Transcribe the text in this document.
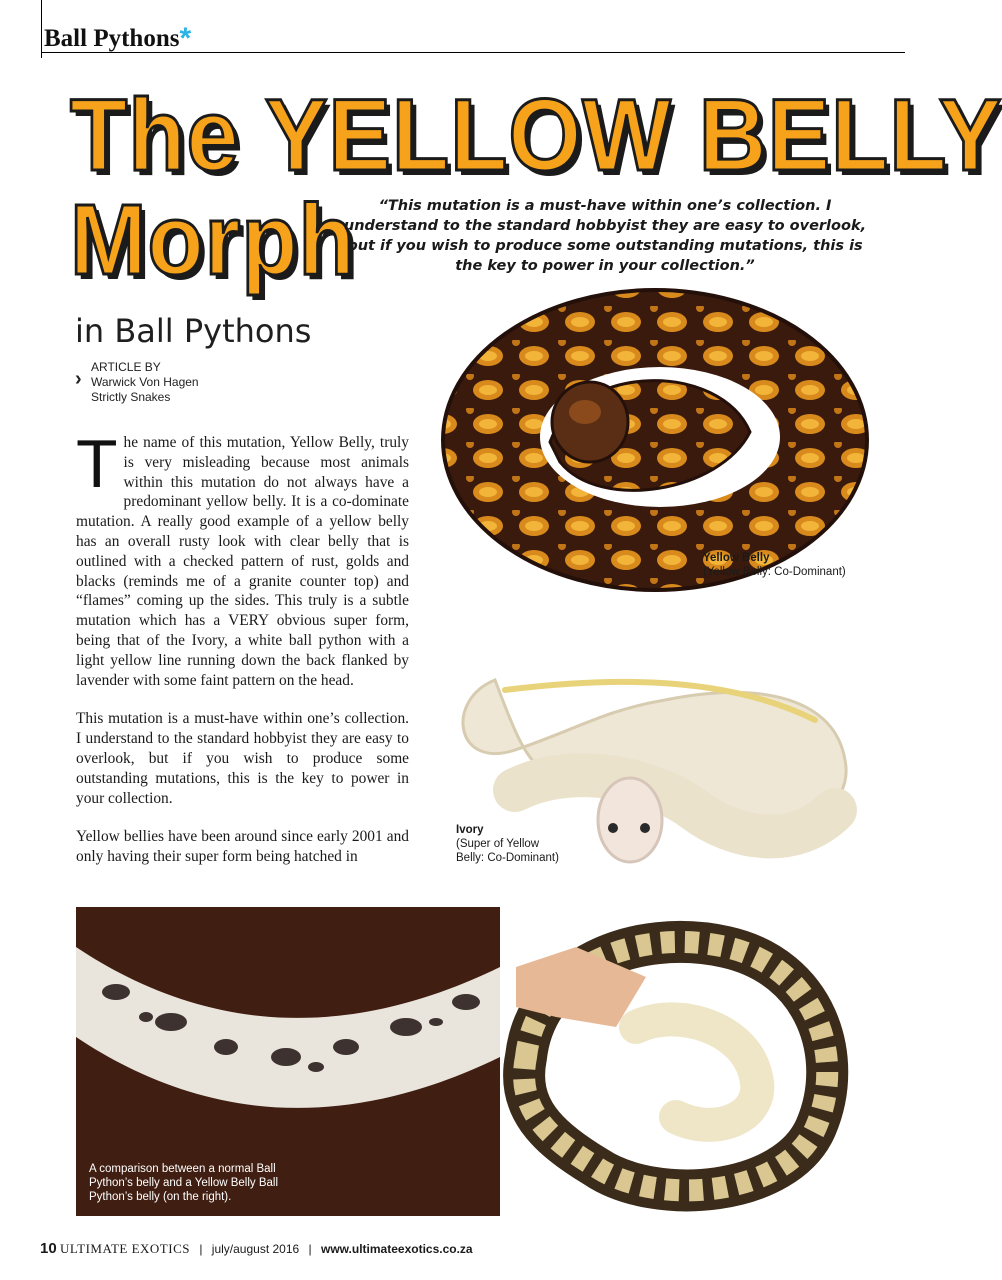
Ball Pythons*
The YELLOW BELLY
Morph	“This mutation is a must-have within one’s collection. I understand to the standard hobbyist they are easy to overlook, but if you wish to produce some outstanding mutations, this is the key to power in your collection.”
in Ball Pythons
›
ARTICLE BY
Warwick Von Hagen
Strictly Snakes

The name of this mutation, Yellow Belly, truly is very misleading because most animals within this mutation do not always have a predominant yellow belly. It is a co-dominate mutation. A really good example of a yellow belly has an overall rusty look with clear belly that is outlined with a checked pattern of rust, golds and blacks (reminds me of a granite counter top) and “flames” coming up the sides. This truly is a subtle mutation which has a VERY obvious super form, being that of the Ivory, a white ball python with a light yellow line running down the back flanked by lavender with some faint pattern on the head.

This mutation is a must-have within one’s collection. I understand to the standard hobbyist they are easy to overlook, but if you wish to produce some outstanding mutations, this is the key to power in your collection.

Yellow bellies have been around since early 2001 and only having their super form being hatched in

Yellow Belly
(Yellow Belly: Co-Dominant)
Ivory
(Super of Yellow
Belly: Co-Dominant)
A comparison between a normal Ball Python’s belly and a Yellow Belly Ball Python’s belly (on the right).
10 ULTIMATE EXOTICS | july/august 2016 | www.ultimateexotics.co.za
